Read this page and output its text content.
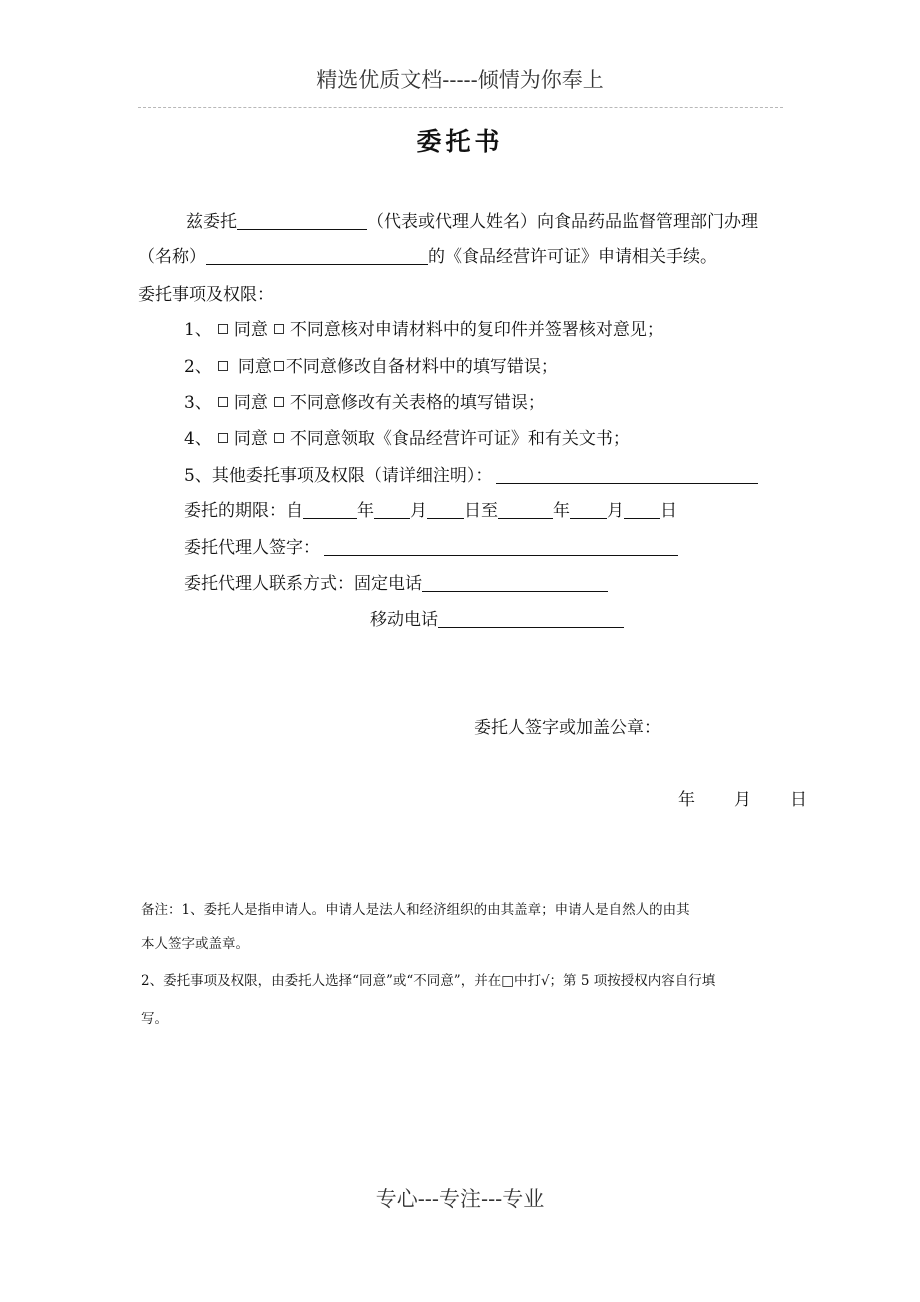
精选优质文档-----倾情为你奉上
委托书
兹委托	（代表或代理人姓名）向食品药品监督管理部门办理
（名称）	的《食品经营许可证》申请相关手续。
委托事项及权限：
1、 同意 不同意核对申请材料中的复印件并签署核对意见；
2、 同意 不同意修改自备材料中的填写错误；
3、 同意 不同意修改有关表格的填写错误；
4、 同意 不同意领取《食品经营许可证》和有关文书；
5、其他委托事项及权限（请详细注明）：
委托的期限：自	年 月 日至	年 月 日
委托代理人签字：
委托代理人联系方式：固定电话
移动电话
委托人签字或加盖公章：
年 月 日
备注：1、委托人是指申请人。申请人是法人和经济组织的由其盖章；申请人是自然人的由其
本人签字或盖章。
2、委托事项及权限，由委托人选择“同意”或“不同意”，并在□中打√；第 5 项按授权内容自行填
写。
专心---专注---专业
